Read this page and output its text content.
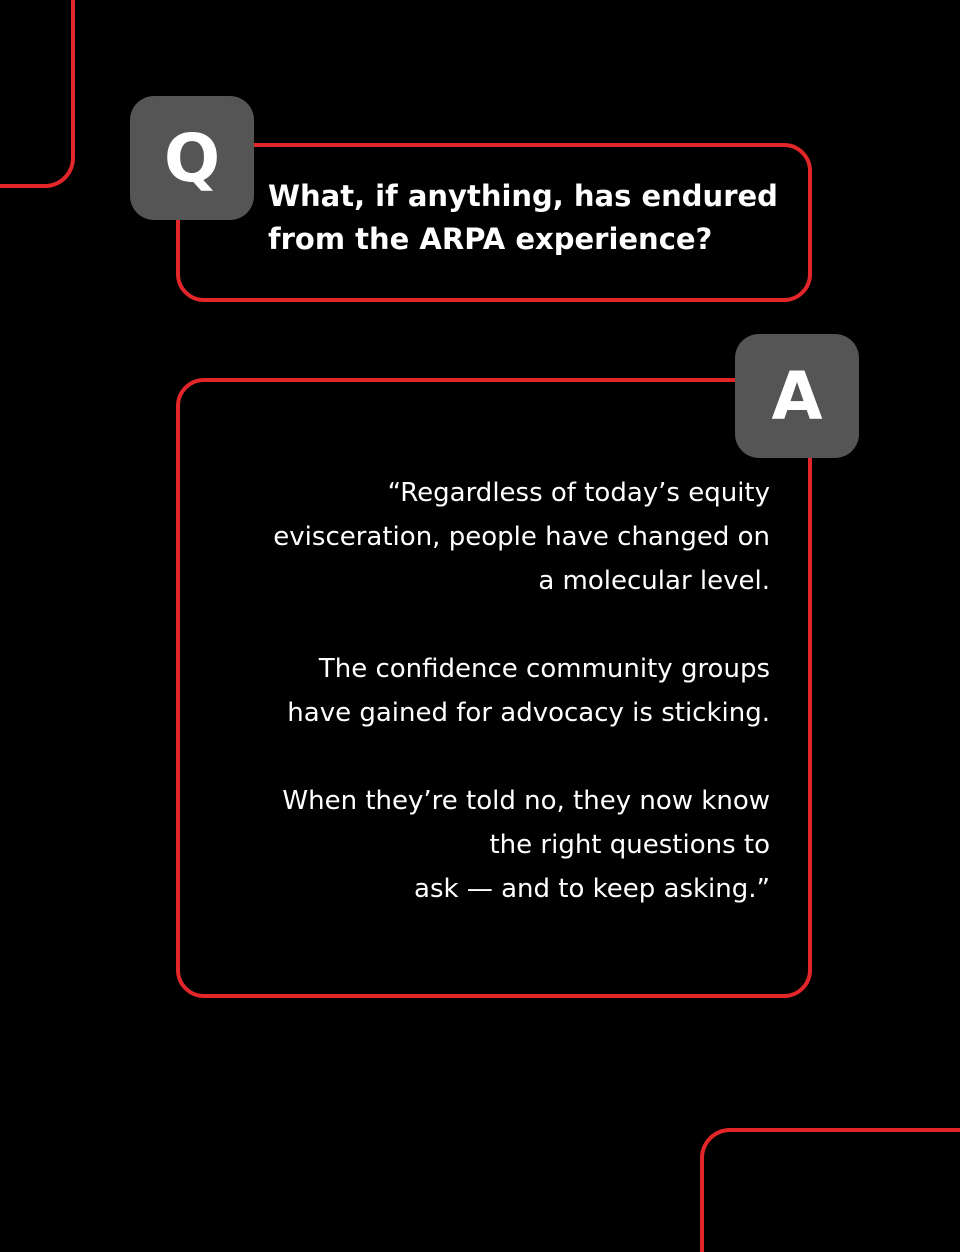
Q	What, if anything, has endured
from the ARPA experience?
A

“Regardless of today’s equity
evisceration, people have changed on
a molecular level.

The confidence community groups
have gained for advocacy is sticking.

When they’re told no, they now know
the right questions to
ask — and to keep asking.”
